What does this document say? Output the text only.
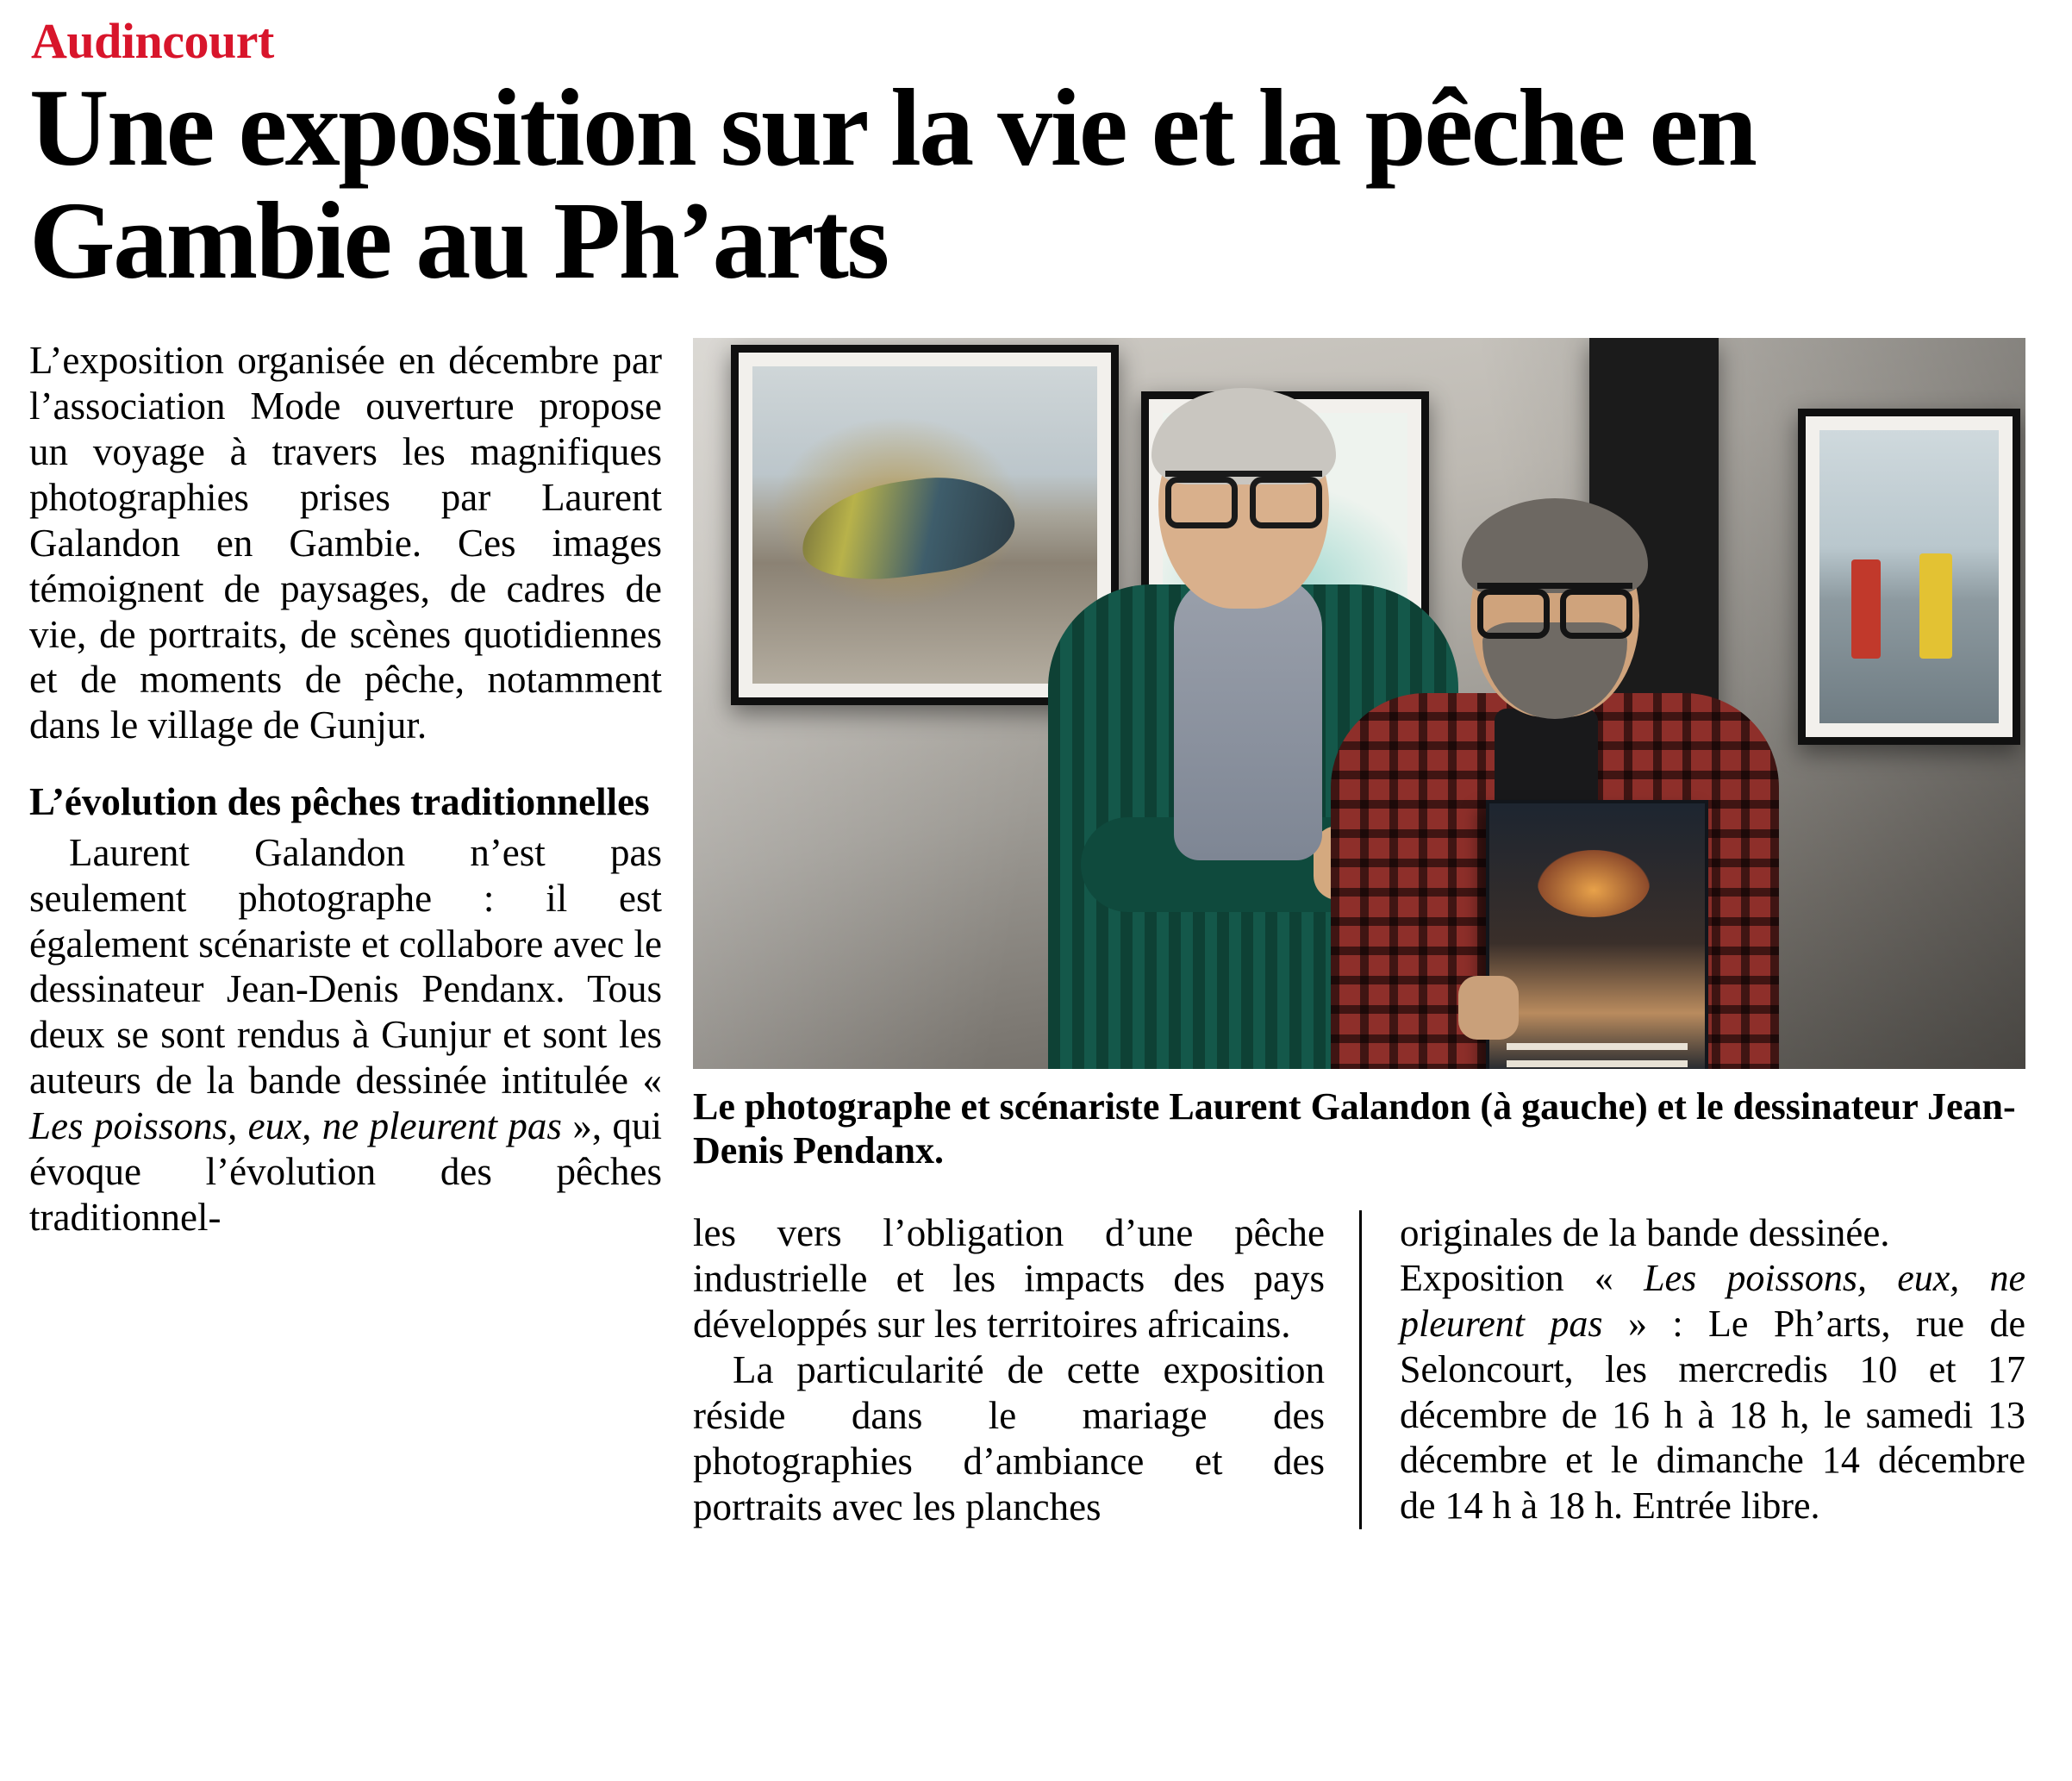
Audincourt
Une exposition sur la vie et la pêche en Gambie au Ph’arts

L’exposition organisée en décembre par l’association Mode ouverture propose un voyage à travers les magnifiques photographies prises par Laurent Galandon en Gambie. Ces images témoignent de paysages, de cadres de vie, de portraits, de scènes quotidiennes et de moments de pêche, notamment dans le village de Gunjur.

L’évolution des pêches traditionnelles

Laurent Galandon n’est pas seulement photographe : il est également scénariste et collabore avec le dessinateur Jean-Denis Pendanx. Tous deux se sont rendus à Gunjur et sont les auteurs de la bande dessinée intitulée « Les poissons, eux, ne pleurent pas », qui évoque l’évolution des pêches traditionnel-

Le photographe et scénariste Laurent Galandon (à gauche) et le dessinateur Jean-Denis Pendanx.

les vers l’obligation d’une pêche industrielle et les impacts des pays développés sur les territoires africains.

La particularité de cette exposition réside dans le mariage des photographies d’ambiance et des portraits avec les planches

originales de la bande dessinée.

Exposition « Les poissons, eux, ne pleurent pas » : Le Ph’arts, rue de Seloncourt, les mercredis 10 et 17 décembre de 16 h à 18 h, le samedi 13 décembre et le dimanche 14 décembre de 14 h à 18 h. Entrée libre.
